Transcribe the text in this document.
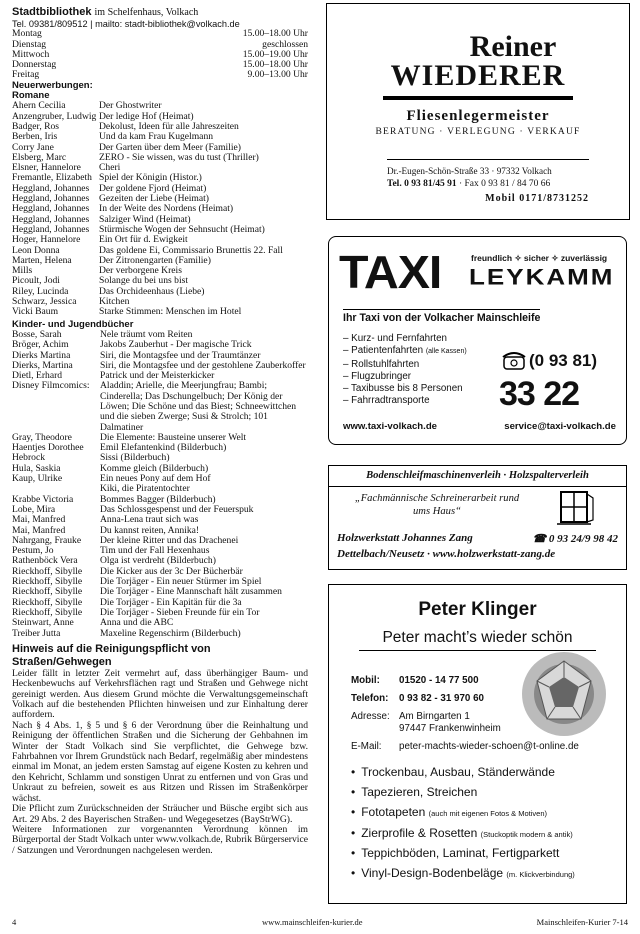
Stadtbibliothek im Schelfenhaus, Volkach
Tel. 09381/809512 | mailto: stadt-bibliothek@volkach.de
Montag	15.00–18.00 Uhr
Dienstag	geschlossen
Mittwoch	15.00–19.00 Uhr
Donnerstag	15.00–18.00 Uhr
Freitag	9.00–13.00 Uhr
Neuerwerbungen:
Romane
Ahern Cecilia	Der Ghostwriter
Anzengruber, Ludwig Der ledige Hof (Heimat)
Badger, Ros	Dekolust, Ideen für alle Jahreszeiten
Berben, Iris	Und da kam Frau Kugelmann
Corry Jane	Der Garten über dem Meer (Familie)
Elsberg, Marc	ZERO - Sie wissen, was du tust (Thriller)
Elsner, Hannelore	Cheri
Fremantle, Elizabeth Spiel der Königin (Histor.)
Heggland, Johannes	Der goldene Fjord (Heimat)
Heggland, Johannes	Gezeiten der Liebe (Heimat)
Heggland, Johannes	In der Weite des Nordens (Heimat)
Heggland, Johannes	Salziger Wind (Heimat)
Heggland, Johannes	Stürmische Wogen der Sehnsucht (Heimat)
Hoger, Hannelore	Ein Ort für d. Ewigkeit
Leon Donna	Das goldene Ei, Commissario Brunettis 22. Fall
Marten, Helena	Der Zitronengarten (Familie)
Mills	Der verborgene Kreis
Picoult, Jodi	Solange du bei uns bist
Riley, Lucinda	Das Orchideenhaus (Liebe)
Schwarz, Jessica	Kitchen
Vicki Baum	Starke Stimmen: Menschen im Hotel
Kinder- und Jugendbücher
Bosse, Sarah	Nele träumt vom Reiten
Bröger, Achim	Jakobs Zauberhut - Der magische Trick
Dierks Martina	Siri, die Montagsfee und der Traumtänzer
Dierks, Martina	Siri, die Montagsfee und der gestohlene Zauberkoffer
Dietl, Erhard	Patrick und der Meisterkicker
Disney Filmcomics:	Aladdin; Arielle, die Meerjungfrau; Bambi; Cinderella; Das Dschungelbuch; Der König der Löwen; Die Schöne und das Biest; Schneewittchen und die sieben Zwerge; Susi & Strolch; 101 Dalmatiner
Gray, Theodore	Die Elemente: Bausteine unserer Welt
Haentjes Dorothee	Emil Elefantenkind (Bilderbuch)
Hebrock	Sissi (Bilderbuch)
Hula, Saskia	Komme gleich (Bilderbuch)
Kaup, Ulrike	Ein neues Pony auf dem Hof
Kiki, die Piratentochter
Krabbe Victoria	Bommes Bagger (Bilderbuch)
Lobe, Mira	Das Schlossgespenst und der Feuerspuk
Mai, Manfred	Anna-Lena traut sich was
Mai, Manfred	Du kannst reiten, Annika!
Nahrgang, Frauke	Der kleine Ritter und das Drachenei
Pestum, Jo	Tim und der Fall Hexenhaus
Rathenböck Vera	Olga ist verdreht (Bilderbuch)
Rieckhoff, Sibylle	Die Kicker aus der 3c Der Bücherbär
Rieckhoff, Sibylle	Die Torjäger - Ein neuer Stürmer im Spiel
Rieckhoff, Sibylle	Die Torjäger - Eine Mannschaft hält zusammen
Rieckhoff, Sibylle	Die Torjäger - Ein Kapitän für die 3a
Rieckhoff, Sibylle	Die Torjäger - Sieben Freunde für ein Tor
Steinwart, Anne	Anna und die ABC
Treiber Jutta	Maxeline Regenschirm (Bilderbuch)
Hinweis auf die Reinigungspflicht von Straßen/Gehwegen
Leider fällt in letzter Zeit vermehrt auf, dass überhängiger Baum- und Heckenbewuchs auf Verkehrsflächen ragt und Straßen und Gehwege nicht gereinigt werden. Aus diesem Grund möchte die Verwaltungsgemeinschaft Volkach auf die bestehenden Pflichten hinweisen und zur Einhaltung derer auffordern.
Nach § 4 Abs. 1, § 5 und § 6 der Verordnung über die Reinhaltung und Reinigung der öffentlichen Straßen und die Sicherung der Gehbahnen im Winter der Stadt Volkach sind Sie verpflichtet, die Gehwege bzw. Fahrbahnen vor Ihrem Grundstück nach Bedarf, regelmäßig aber mindestens einmal im Monat, an jedem ersten Samstag auf eigene Kosten zu kehren und den Kehricht, Schlamm und sonstigen Unrat zu entfernen und von Gras und Unkraut zu befreien, soweit es aus Ritzen und Rissen im Straßenkörper wächst.
Die Pflicht zum Zurückschneiden der Sträucher und Büsche ergibt sich aus Art. 29 Abs. 2 des Bayerischen Straßen- und Wegegesetzes (BayStrWG).
Weitere Informationen zur vorgenannten Verordnung können im Bürgerportal der Stadt Volkach unter www.volkach.de, Rubrik Bürgerservice / Satzungen und Verordnungen nachgelesen werden.
Reiner
WIEDERER
Fliesenlegermeister
BERATUNG · VERLEGUNG · VERKAUF
Dr.-Eugen-Schön-Straße 33 · 97332 Volkach
Tel. 0 93 81/45 91 · Fax 0 93 81 / 84 70 66
Mobil 0171/8731252
TAXI	freundlich ✧ sicher ✧ zuverlässig
LEYKAMM
Ihr Taxi von der Volkacher Mainschleife
– Kurz- und Fernfahrten
– Patientenfahrten (alle Kassen)
– Rollstuhlfahrten
– Flugzubringer
– Taxibusse bis 8 Personen
– Fahrradtransporte
(0 93 81)
33 22
www.taxi-volkach.de	service@taxi-volkach.de
Bodenschleifmaschinenverleih · Holzspalterverleih
„Fachmännische Schreinerarbeit rund ums Haus“
Holzwerkstatt Johannes Zang	☎ 0 93 24/9 98 42
Dettelbach/Neusetz · www.holzwerkstatt-zang.de
Peter Klinger
Peter macht’s wieder schön
Mobil: 01520 - 14 77 500
Telefon: 0 93 82 - 31 970 60
Adresse: Am Birngarten 1
97447 Frankenwinheim
E-Mail: peter-machts-wieder-schoen@t-online.de
• Trockenbau, Ausbau, Ständerwände
• Tapezieren, Streichen
• Fototapeten (auch mit eigenen Fotos & Motiven)
• Zierprofile & Rosetten (Stuckoptik modern & antik)
• Teppichböden, Laminat, Fertigparkett
• Vinyl-Design-Bodenbeläge (m. Klickverbindung)
4	www.mainschleifen-kurier.de	Mainschleifen-Kurier 7-14
